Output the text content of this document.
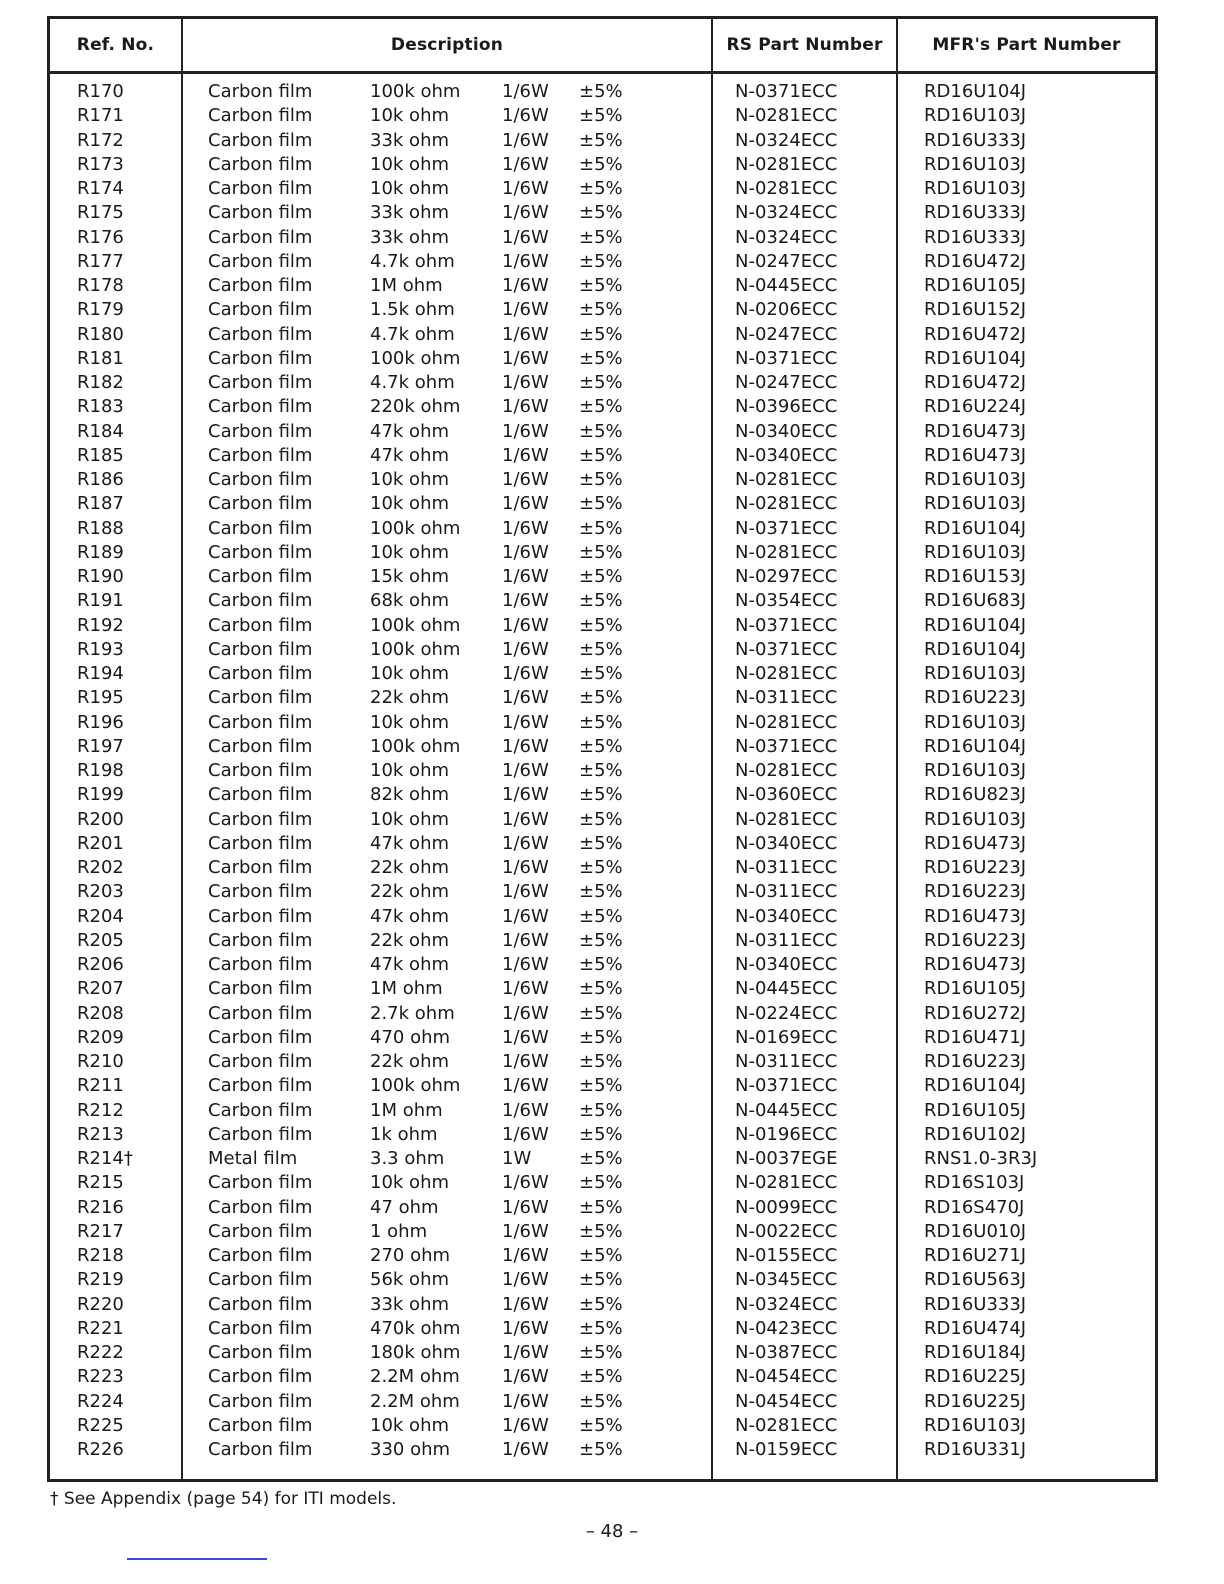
Ref. No.	Description	RS Part Number	MFR's Part Number
R170	Carbon film	100k ohm 1/6W ±5%	N-0371ECC	RD16U104J
R171	Carbon film	10k ohm	1/6W ±5%	N-0281ECC	RD16U103J
R172	Carbon film	33k ohm	1/6W ±5%	N-0324ECC	RD16U333J
R173	Carbon film	10k ohm	1/6W ±5%	N-0281ECC	RD16U103J
R174	Carbon film	10k ohm	1/6W ±5%	N-0281ECC	RD16U103J
R175	Carbon film	33k ohm	1/6W ±5%	N-0324ECC	RD16U333J
R176	Carbon film	33k ohm	1/6W ±5%	N-0324ECC	RD16U333J
R177	Carbon film	4.7k ohm	1/6W ±5%	N-0247ECC	RD16U472J
R178	Carbon film	1M ohm	1/6W ±5%	N-0445ECC	RD16U105J
R179	Carbon film	1.5k ohm	1/6W ±5%	N-0206ECC	RD16U152J
R180	Carbon film	4.7k ohm	1/6W ±5%	N-0247ECC	RD16U472J
R181	Carbon film	100k ohm 1/6W ±5%	N-0371ECC	RD16U104J
R182	Carbon film	4.7k ohm	1/6W ±5%	N-0247ECC	RD16U472J
R183	Carbon film	220k ohm 1/6W ±5%	N-0396ECC	RD16U224J
R184	Carbon film	47k ohm	1/6W ±5%	N-0340ECC	RD16U473J
R185	Carbon film	47k ohm	1/6W ±5%	N-0340ECC	RD16U473J
R186	Carbon film	10k ohm	1/6W ±5%	N-0281ECC	RD16U103J
R187	Carbon film	10k ohm	1/6W ±5%	N-0281ECC	RD16U103J
R188	Carbon film	100k ohm 1/6W ±5%	N-0371ECC	RD16U104J
R189	Carbon film	10k ohm	1/6W ±5%	N-0281ECC	RD16U103J
R190	Carbon film	15k ohm	1/6W ±5%	N-0297ECC	RD16U153J
R191	Carbon film	68k ohm	1/6W ±5%	N-0354ECC	RD16U683J
R192	Carbon film	100k ohm 1/6W ±5%	N-0371ECC	RD16U104J
R193	Carbon film	100k ohm 1/6W ±5%	N-0371ECC	RD16U104J
R194	Carbon film	10k ohm	1/6W ±5%	N-0281ECC	RD16U103J
R195	Carbon film	22k ohm	1/6W ±5%	N-0311ECC	RD16U223J
R196	Carbon film	10k ohm	1/6W ±5%	N-0281ECC	RD16U103J
R197	Carbon film	100k ohm 1/6W ±5%	N-0371ECC	RD16U104J
R198	Carbon film	10k ohm	1/6W ±5%	N-0281ECC	RD16U103J
R199	Carbon film	82k ohm	1/6W ±5%	N-0360ECC	RD16U823J
R200	Carbon film	10k ohm	1/6W ±5%	N-0281ECC	RD16U103J
R201	Carbon film	47k ohm	1/6W ±5%	N-0340ECC	RD16U473J
R202	Carbon film	22k ohm	1/6W ±5%	N-0311ECC	RD16U223J
R203	Carbon film	22k ohm	1/6W ±5%	N-0311ECC	RD16U223J
R204	Carbon film	47k ohm	1/6W ±5%	N-0340ECC	RD16U473J
R205	Carbon film	22k ohm	1/6W ±5%	N-0311ECC	RD16U223J
R206	Carbon film	47k ohm	1/6W ±5%	N-0340ECC	RD16U473J
R207	Carbon film	1M ohm	1/6W ±5%	N-0445ECC	RD16U105J
R208	Carbon film	2.7k ohm	1/6W ±5%	N-0224ECC	RD16U272J
R209	Carbon film	470 ohm	1/6W ±5%	N-0169ECC	RD16U471J
R210	Carbon film	22k ohm	1/6W ±5%	N-0311ECC	RD16U223J
R211	Carbon film	100k ohm 1/6W ±5%	N-0371ECC	RD16U104J
R212	Carbon film	1M ohm	1/6W ±5%	N-0445ECC	RD16U105J
R213	Carbon film	1k ohm	1/6W ±5%	N-0196ECC	RD16U102J
R214†	Metal film	3.3 ohm	1W	±5%	N-0037EGE	RNS1.0-3R3J
R215	Carbon film	10k ohm	1/6W ±5%	N-0281ECC	RD16S103J
R216	Carbon film	47 ohm	1/6W ±5%	N-0099ECC	RD16S470J
R217	Carbon film	1 ohm	1/6W ±5%	N-0022ECC	RD16U010J
R218	Carbon film	270 ohm	1/6W ±5%	N-0155ECC	RD16U271J
R219	Carbon film	56k ohm	1/6W ±5%	N-0345ECC	RD16U563J
R220	Carbon film	33k ohm	1/6W ±5%	N-0324ECC	RD16U333J
R221	Carbon film	470k ohm 1/6W ±5%	N-0423ECC	RD16U474J
R222	Carbon film	180k ohm 1/6W ±5%	N-0387ECC	RD16U184J
R223	Carbon film	2.2M ohm 1/6W ±5%	N-0454ECC	RD16U225J
R224	Carbon film	2.2M ohm 1/6W ±5%	N-0454ECC	RD16U225J
R225	Carbon film	10k ohm	1/6W ±5%	N-0281ECC	RD16U103J
R226	Carbon film	330 ohm	1/6W ±5%	N-0159ECC	RD16U331J
† See Appendix (page 54) for ITI models.
– 48 –
